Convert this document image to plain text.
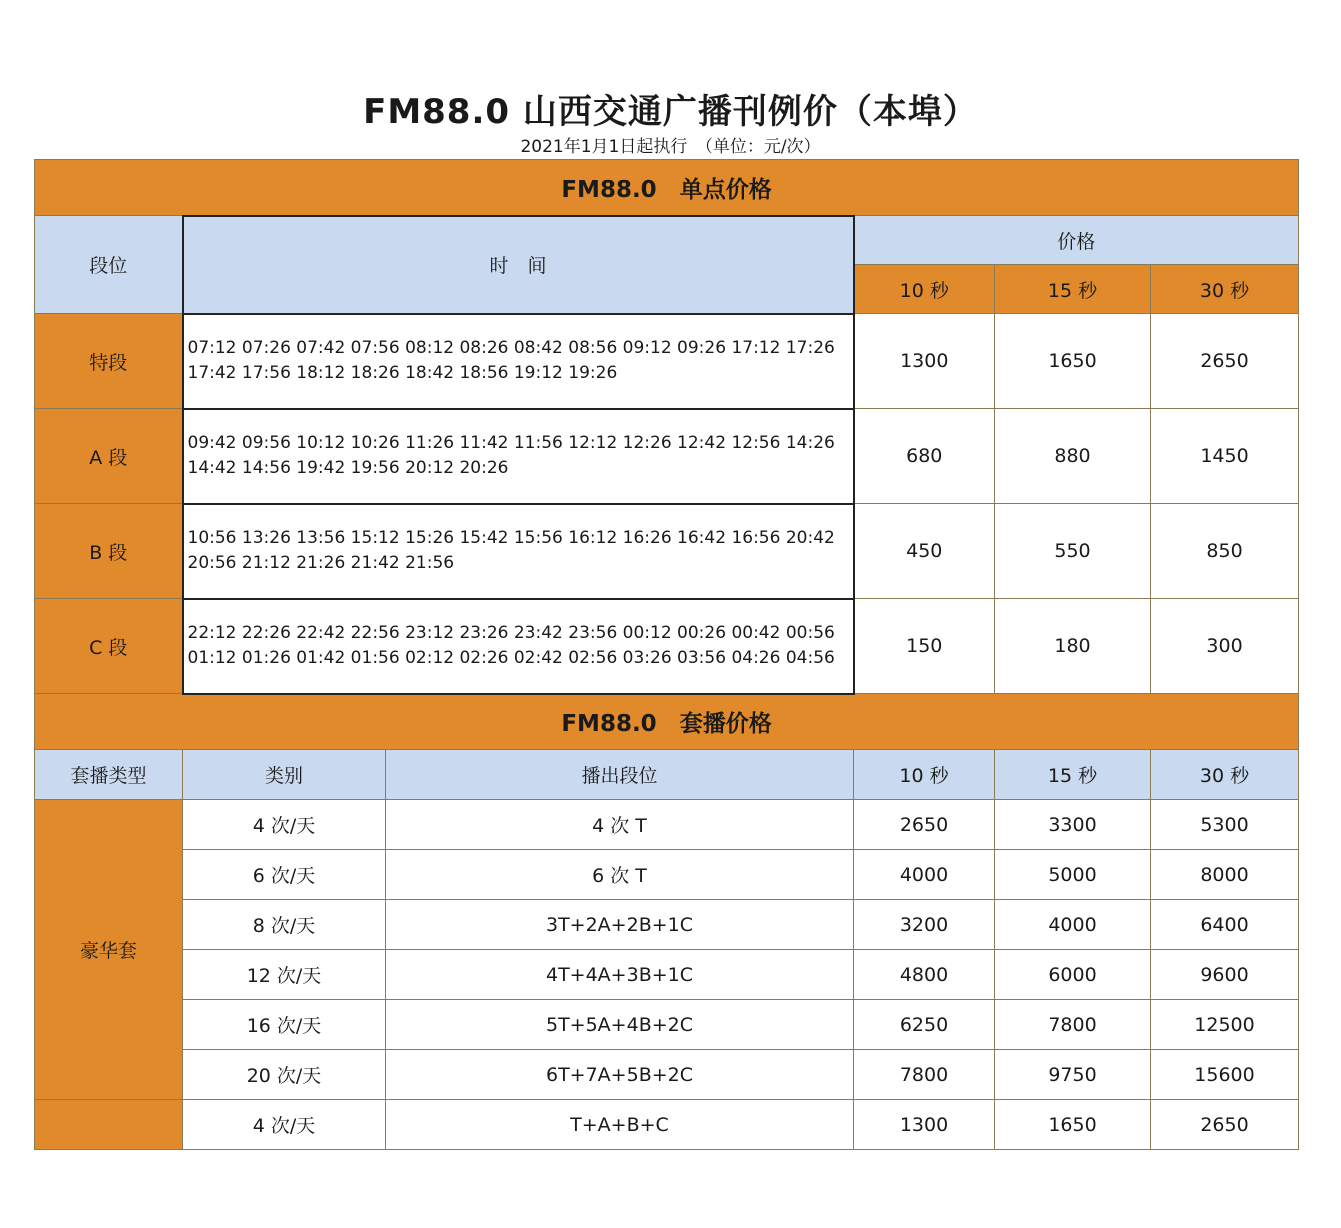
FM88.0 山西交通广播刊例价（本埠）
2021年1月1日起执行　（单位：元/次）
FM88.0　单点价格					
段位	时　间		价格		
			10 秒	15 秒	30 秒
特段	07:12 07:26 07:42 07:56 08:12 08:26 08:42 08:56 09:12 09:26 17:12 17:26 17:42 17:56 18:12 18:26 18:42 18:56 19:12 19:26		1300	1650	2650
A 段	09:42 09:56 10:12 10:26 11:26 11:42 11:56 12:12 12:26 12:42 12:56 14:26 14:42 14:56 19:42 19:56 20:12 20:26		680	880	1450
B 段	10:56 13:26 13:56 15:12 15:26 15:42 15:56 16:12 16:26 16:42 16:56 20:42 20:56 21:12 21:26 21:42 21:56		450	550	850
C 段	22:12 22:26 22:42 22:56 23:12 23:26 23:42 23:56 00:12 00:26 00:42 00:56 01:12 01:26 01:42 01:56 02:12 02:26 02:42 02:56 03:26 03:56 04:26 04:56		150	180	300
FM88.0　套播价格					
套播类型	类别	播出段位	10 秒	15 秒	30 秒
豪华套	4 次/天	4 次 T	2650	3300	5300
	6 次/天	6 次 T	4000	5000	8000
	8 次/天	3T+2A+2B+1C	3200	4000	6400
	12 次/天	4T+4A+3B+1C	4800	6000	9600
	16 次/天	5T+5A+4B+2C	6250	7800	12500
	20 次/天	6T+7A+5B+2C	7800	9750	15600
	4 次/天	T+A+B+C	1300	1650	2650
